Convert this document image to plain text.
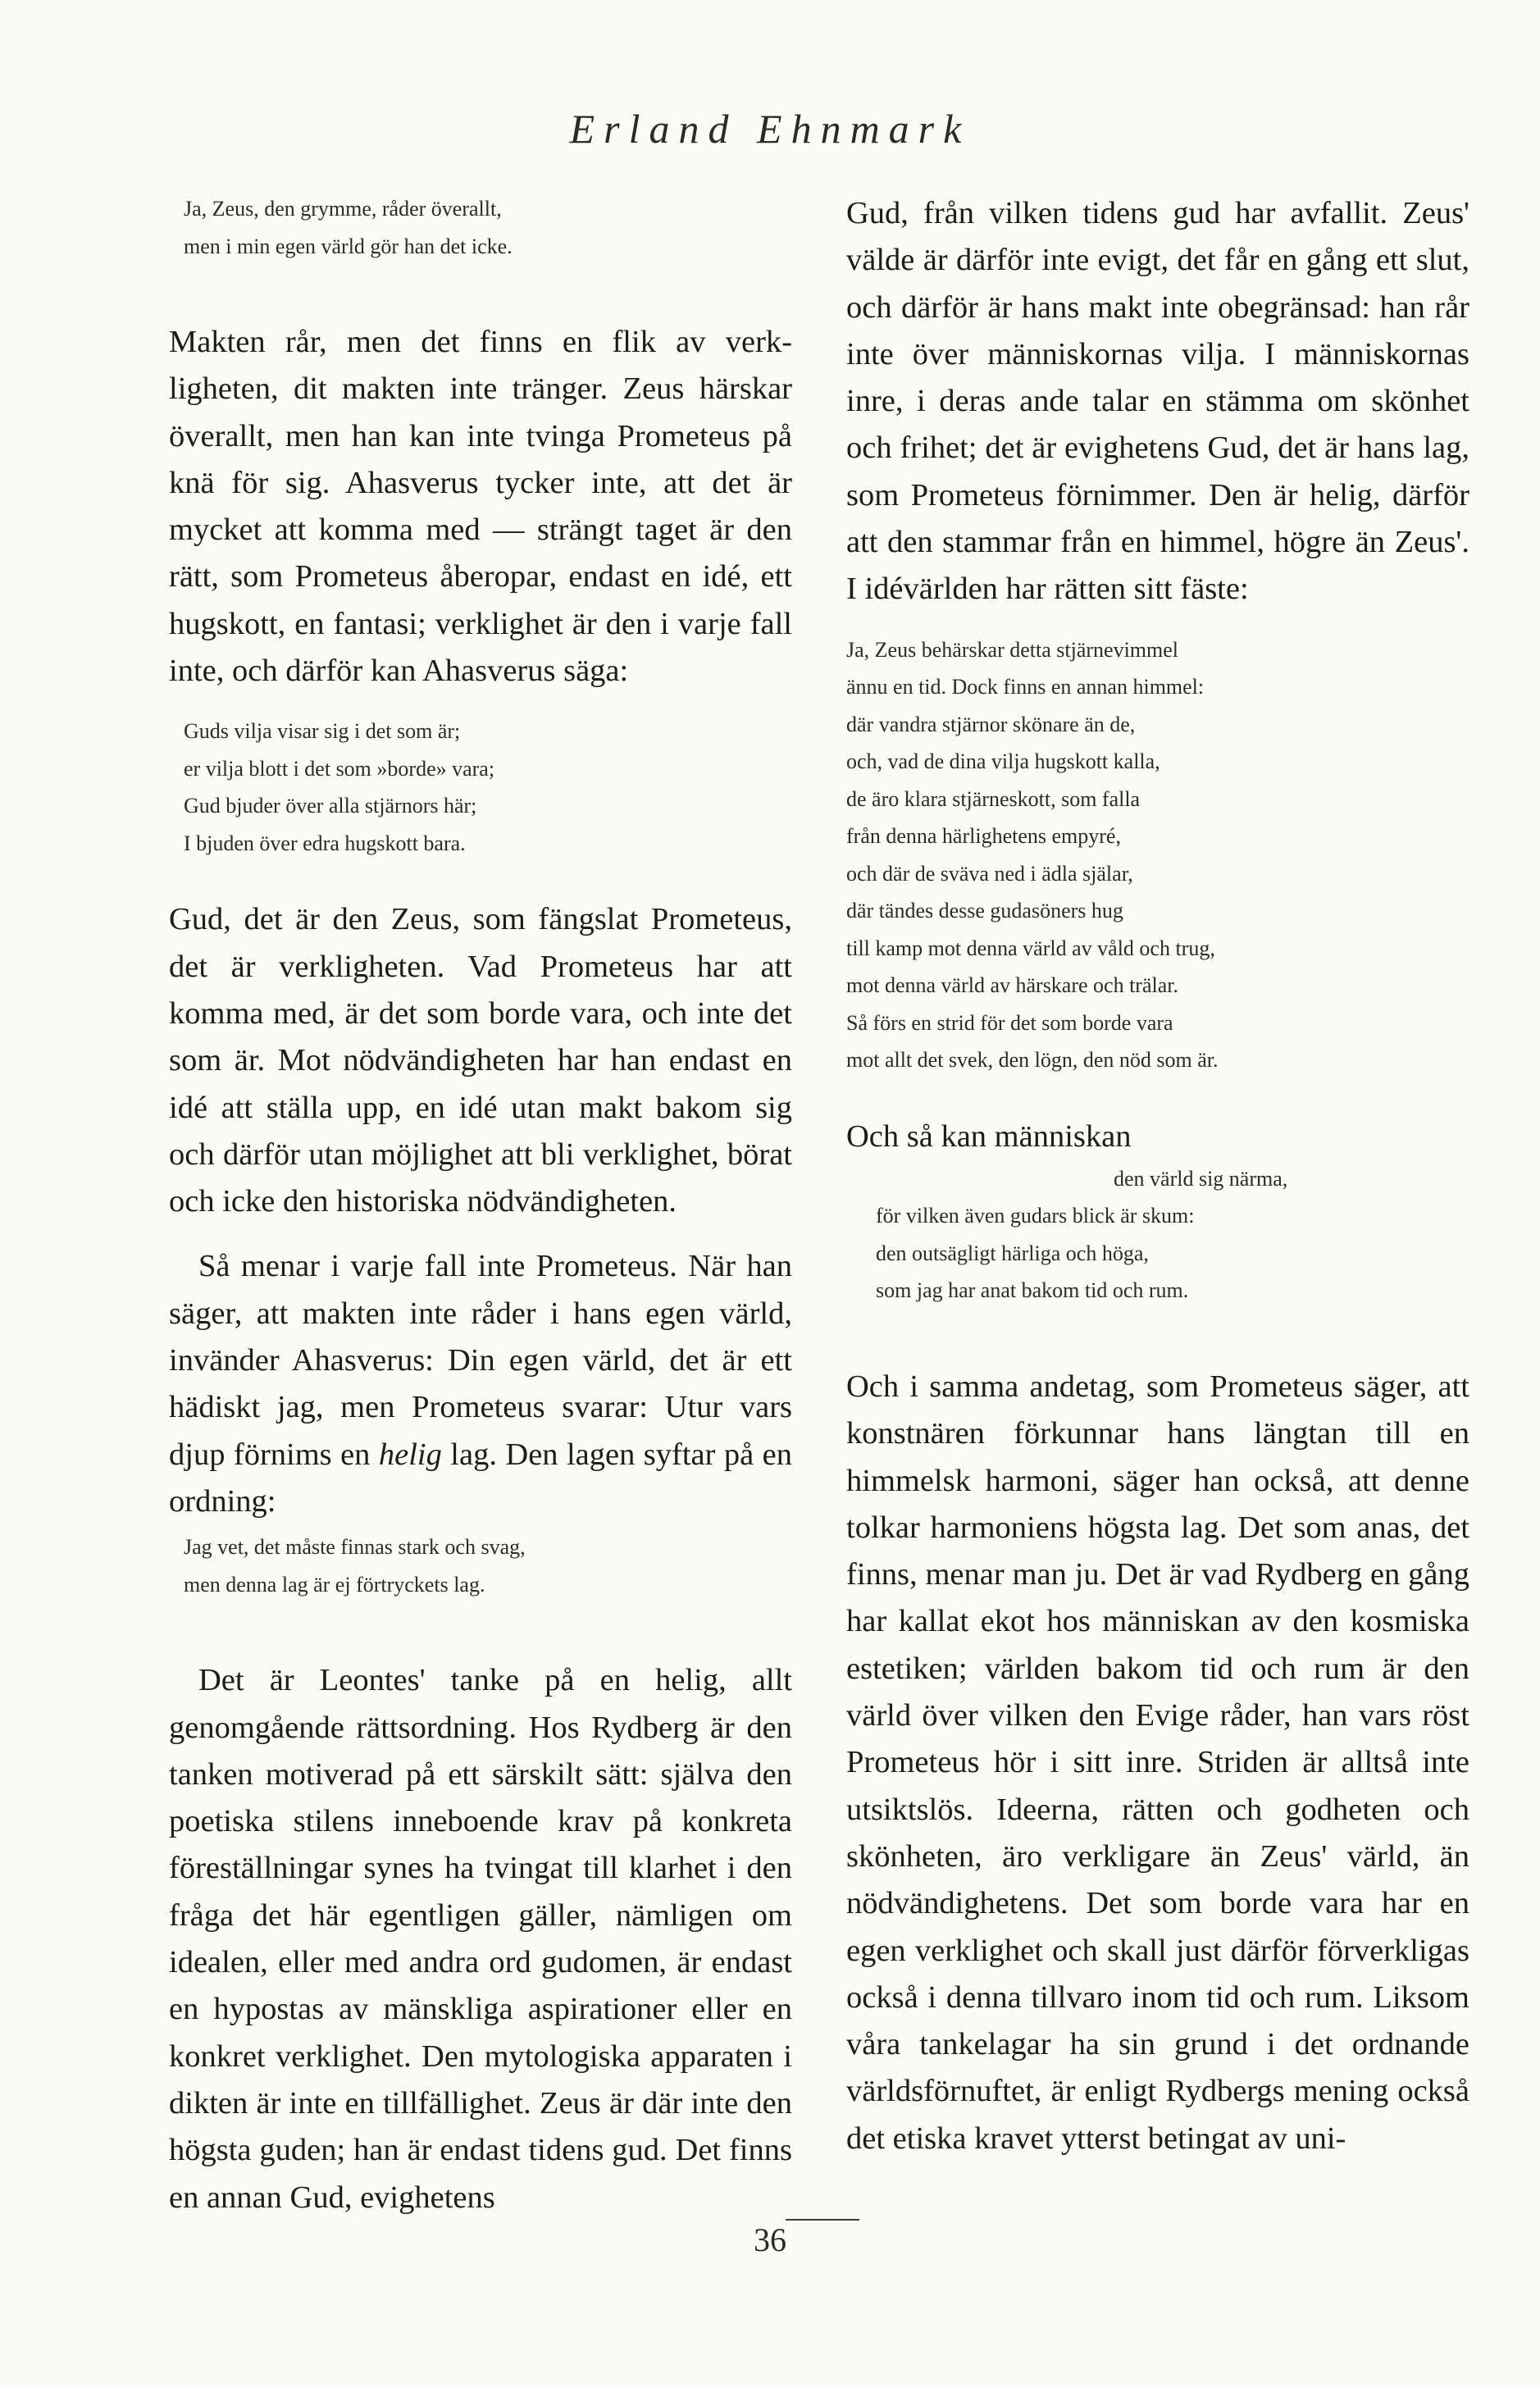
Erland Ehnmark
Ja, Zeus, den grymme, råder överallt,
men i min egen värld gör han det icke.

Makten rår, men det finns en flik av verkligheten, dit makten inte tränger. Zeus härskar överallt, men han kan inte tvinga Prometeus på knä för sig. Ahasverus tycker inte, att det är mycket att komma med — strängt taget är den rätt, som Prometeus åberopar, endast en idé, ett hugskott, en fantasi; verklighet är den i varje fall inte, och därför kan Ahasverus säga:

Guds vilja visar sig i det som är;
er vilja blott i det som »borde» vara;
Gud bjuder över alla stjärnors här;
I bjuden över edra hugskott bara.

Gud, det är den Zeus, som fängslat Prometeus, det är verkligheten. Vad Prometeus har att komma med, är det som borde vara, och inte det som är. Mot nödvändigheten har han endast en idé att ställa upp, en idé utan makt bakom sig och därför utan möjlighet att bli verklighet, börat och icke den historiska nödvändigheten.

Så menar i varje fall inte Prometeus. När han säger, att makten inte råder i hans egen värld, invänder Ahasverus: Din egen värld, det är ett hädiskt jag, men Prometeus svarar: Utur vars djup förnims en helig lag. Den lagen syftar på en ordning:

Jag vet, det måste finnas stark och svag,
men denna lag är ej förtryckets lag.

Det är Leontes' tanke på en helig, allt genomgående rättsordning. Hos Rydberg är den tanken motiverad på ett särskilt sätt: själva den poetiska stilens inneboende krav på konkreta föreställningar synes ha tvingat till klarhet i den fråga det här egentligen gäller, nämligen om idealen, eller med andra ord gudomen, är endast en hypostas av mänskliga aspirationer eller en konkret verklighet. Den mytologiska apparaten i dikten är inte en tillfällighet. Zeus är där inte den högsta guden; han är endast tidens gud. Det finns en annan Gud, evighetens

Gud, från vilken tidens gud har avfallit. Zeus' välde är därför inte evigt, det får en gång ett slut, och därför är hans makt inte obegränsad: han rår inte över människornas vilja. I människornas inre, i deras ande talar en stämma om skönhet och frihet; det är evighetens Gud, det är hans lag, som Prometeus förnimmer. Den är helig, därför att den stammar från en himmel, högre än Zeus'. I idévärlden har rätten sitt fäste:

Ja, Zeus behärskar detta stjärnevimmel
ännu en tid. Dock finns en annan himmel:
där vandra stjärnor skönare än de,
och, vad de dina vilja hugskott kalla,
de äro klara stjärneskott, som falla
från denna härlighetens empyré,
och där de sväva ned i ädla själar,
där tändes desse gudasöners hug
till kamp mot denna värld av våld och trug,
mot denna värld av härskare och trälar.
Så förs en strid för det som borde vara
mot allt det svek, den lögn, den nöd som är.

Och så kan människan

den värld sig närma,
för vilken även gudars blick är skum:
den outsägligt härliga och höga,
som jag har anat bakom tid och rum.

Och i samma andetag, som Prometeus säger, att konstnären förkunnar hans längtan till en himmelsk harmoni, säger han också, att denne tolkar harmoniens högsta lag. Det som anas, det finns, menar man ju. Det är vad Rydberg en gång har kallat ekot hos människan av den kosmiska estetiken; världen bakom tid och rum är den värld över vilken den Evige råder, han vars röst Prometeus hör i sitt inre. Striden är alltså inte utsiktslös. Ideerna, rätten och godheten och skönheten, äro verkligare än Zeus' värld, än nödvändighetens. Det som borde vara har en egen verklighet och skall just därför förverkligas också i denna tillvaro inom tid och rum. Liksom våra tankelagar ha sin grund i det ordnande världsförnuftet, är enligt Rydbergs mening också det etiska kravet ytterst betingat av uni-

36
